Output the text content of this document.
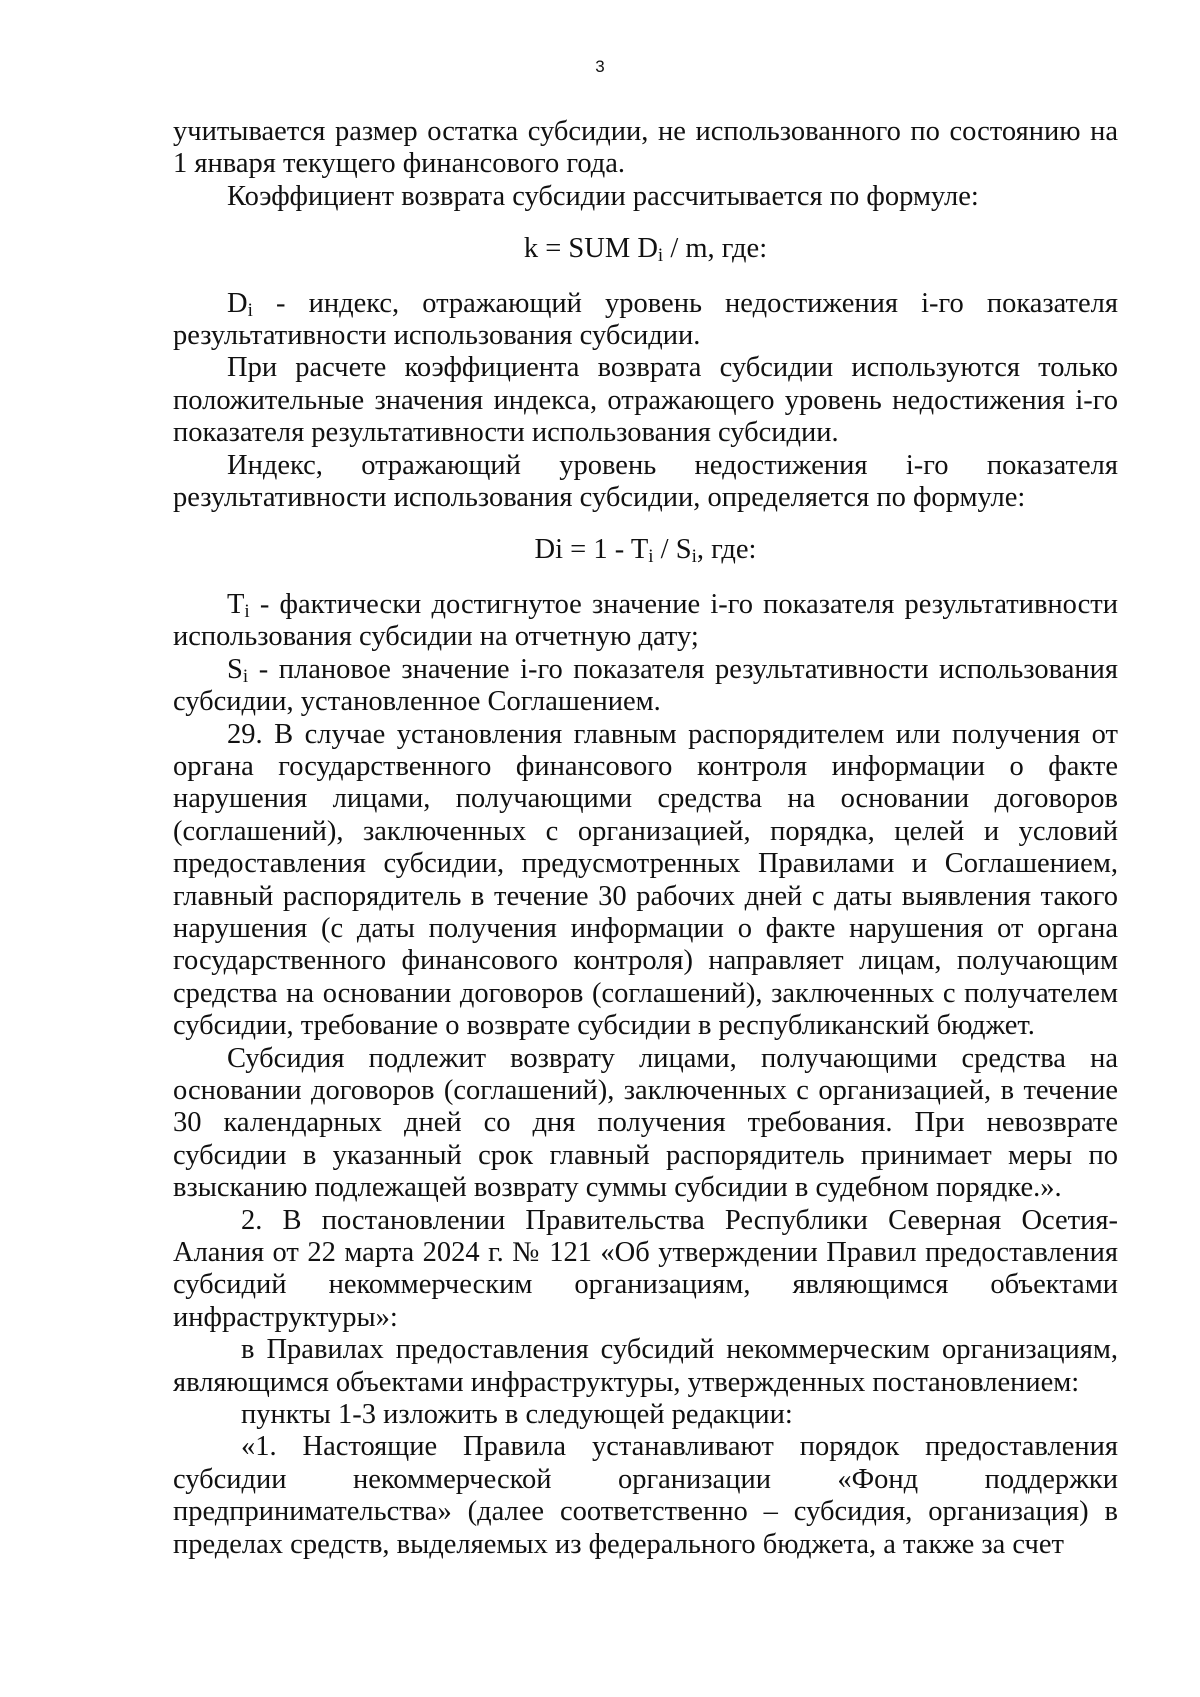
3

учитывается размер остатка субсидии, не использованного по состоянию на 1 января текущего финансового года.

Коэффициент возврата субсидии рассчитывается по формуле:

k = SUM $D_i$ / m, где:

$D_i$ - индекс, отражающий уровень недостижения i-го показателя результативности использования субсидии.

При расчете коэффициента возврата субсидии используются только положительные значения индекса, отражающего уровень недостижения i-го показателя результативности использования субсидии.

Индекс, отражающий уровень недостижения i-го показателя результативности использования субсидии, определяется по формуле:

$Di = 1 - T_i / S_i$, где:

$T_i$ - фактически достигнутое значение i-го показателя результативности использования субсидии на отчетную дату;

$S_i$ - плановое значение i-го показателя результативности использования субсидии, установленное Соглашением.

29. В случае установления главным распорядителем или получения от органа государственного финансового контроля информации о факте нарушения лицами, получающими средства на основании договоров (соглашений), заключенных с организацией, порядка, целей и условий предоставления субсидии, предусмотренных Правилами и Соглашением, главный распорядитель в течение 30 рабочих дней с даты выявления такого нарушения (с даты получения информации о факте нарушения от органа государственного финансового контроля) направляет лицам, получающим средства на основании договоров (соглашений), заключенных с получателем субсидии, требование о возврате субсидии в республиканский бюджет.

Субсидия подлежит возврату лицами, получающими средства на основании договоров (соглашений), заключенных с организацией, в течение 30 календарных дней со дня получения требования. При невозврате субсидии в указанный срок главный распорядитель принимает меры по взысканию подлежащей возврату суммы субсидии в судебном порядке.».

2. В постановлении Правительства Республики Северная Осетия-Алания от 22 марта 2024 г. № 121 «Об утверждении Правил предоставления субсидий некоммерческим организациям, являющимся объектами инфраструктуры»:

в Правилах предоставления субсидий некоммерческим организациям, являющимся объектами инфраструктуры, утвержденных постановлением:

пункты 1-3 изложить в следующей редакции:

«1. Настоящие Правила устанавливают порядок предоставления субсидии некоммерческой организации «Фонд поддержки предпринимательства» (далее соответственно – субсидия, организация) в пределах средств, выделяемых из федерального бюджета, а также за счет
